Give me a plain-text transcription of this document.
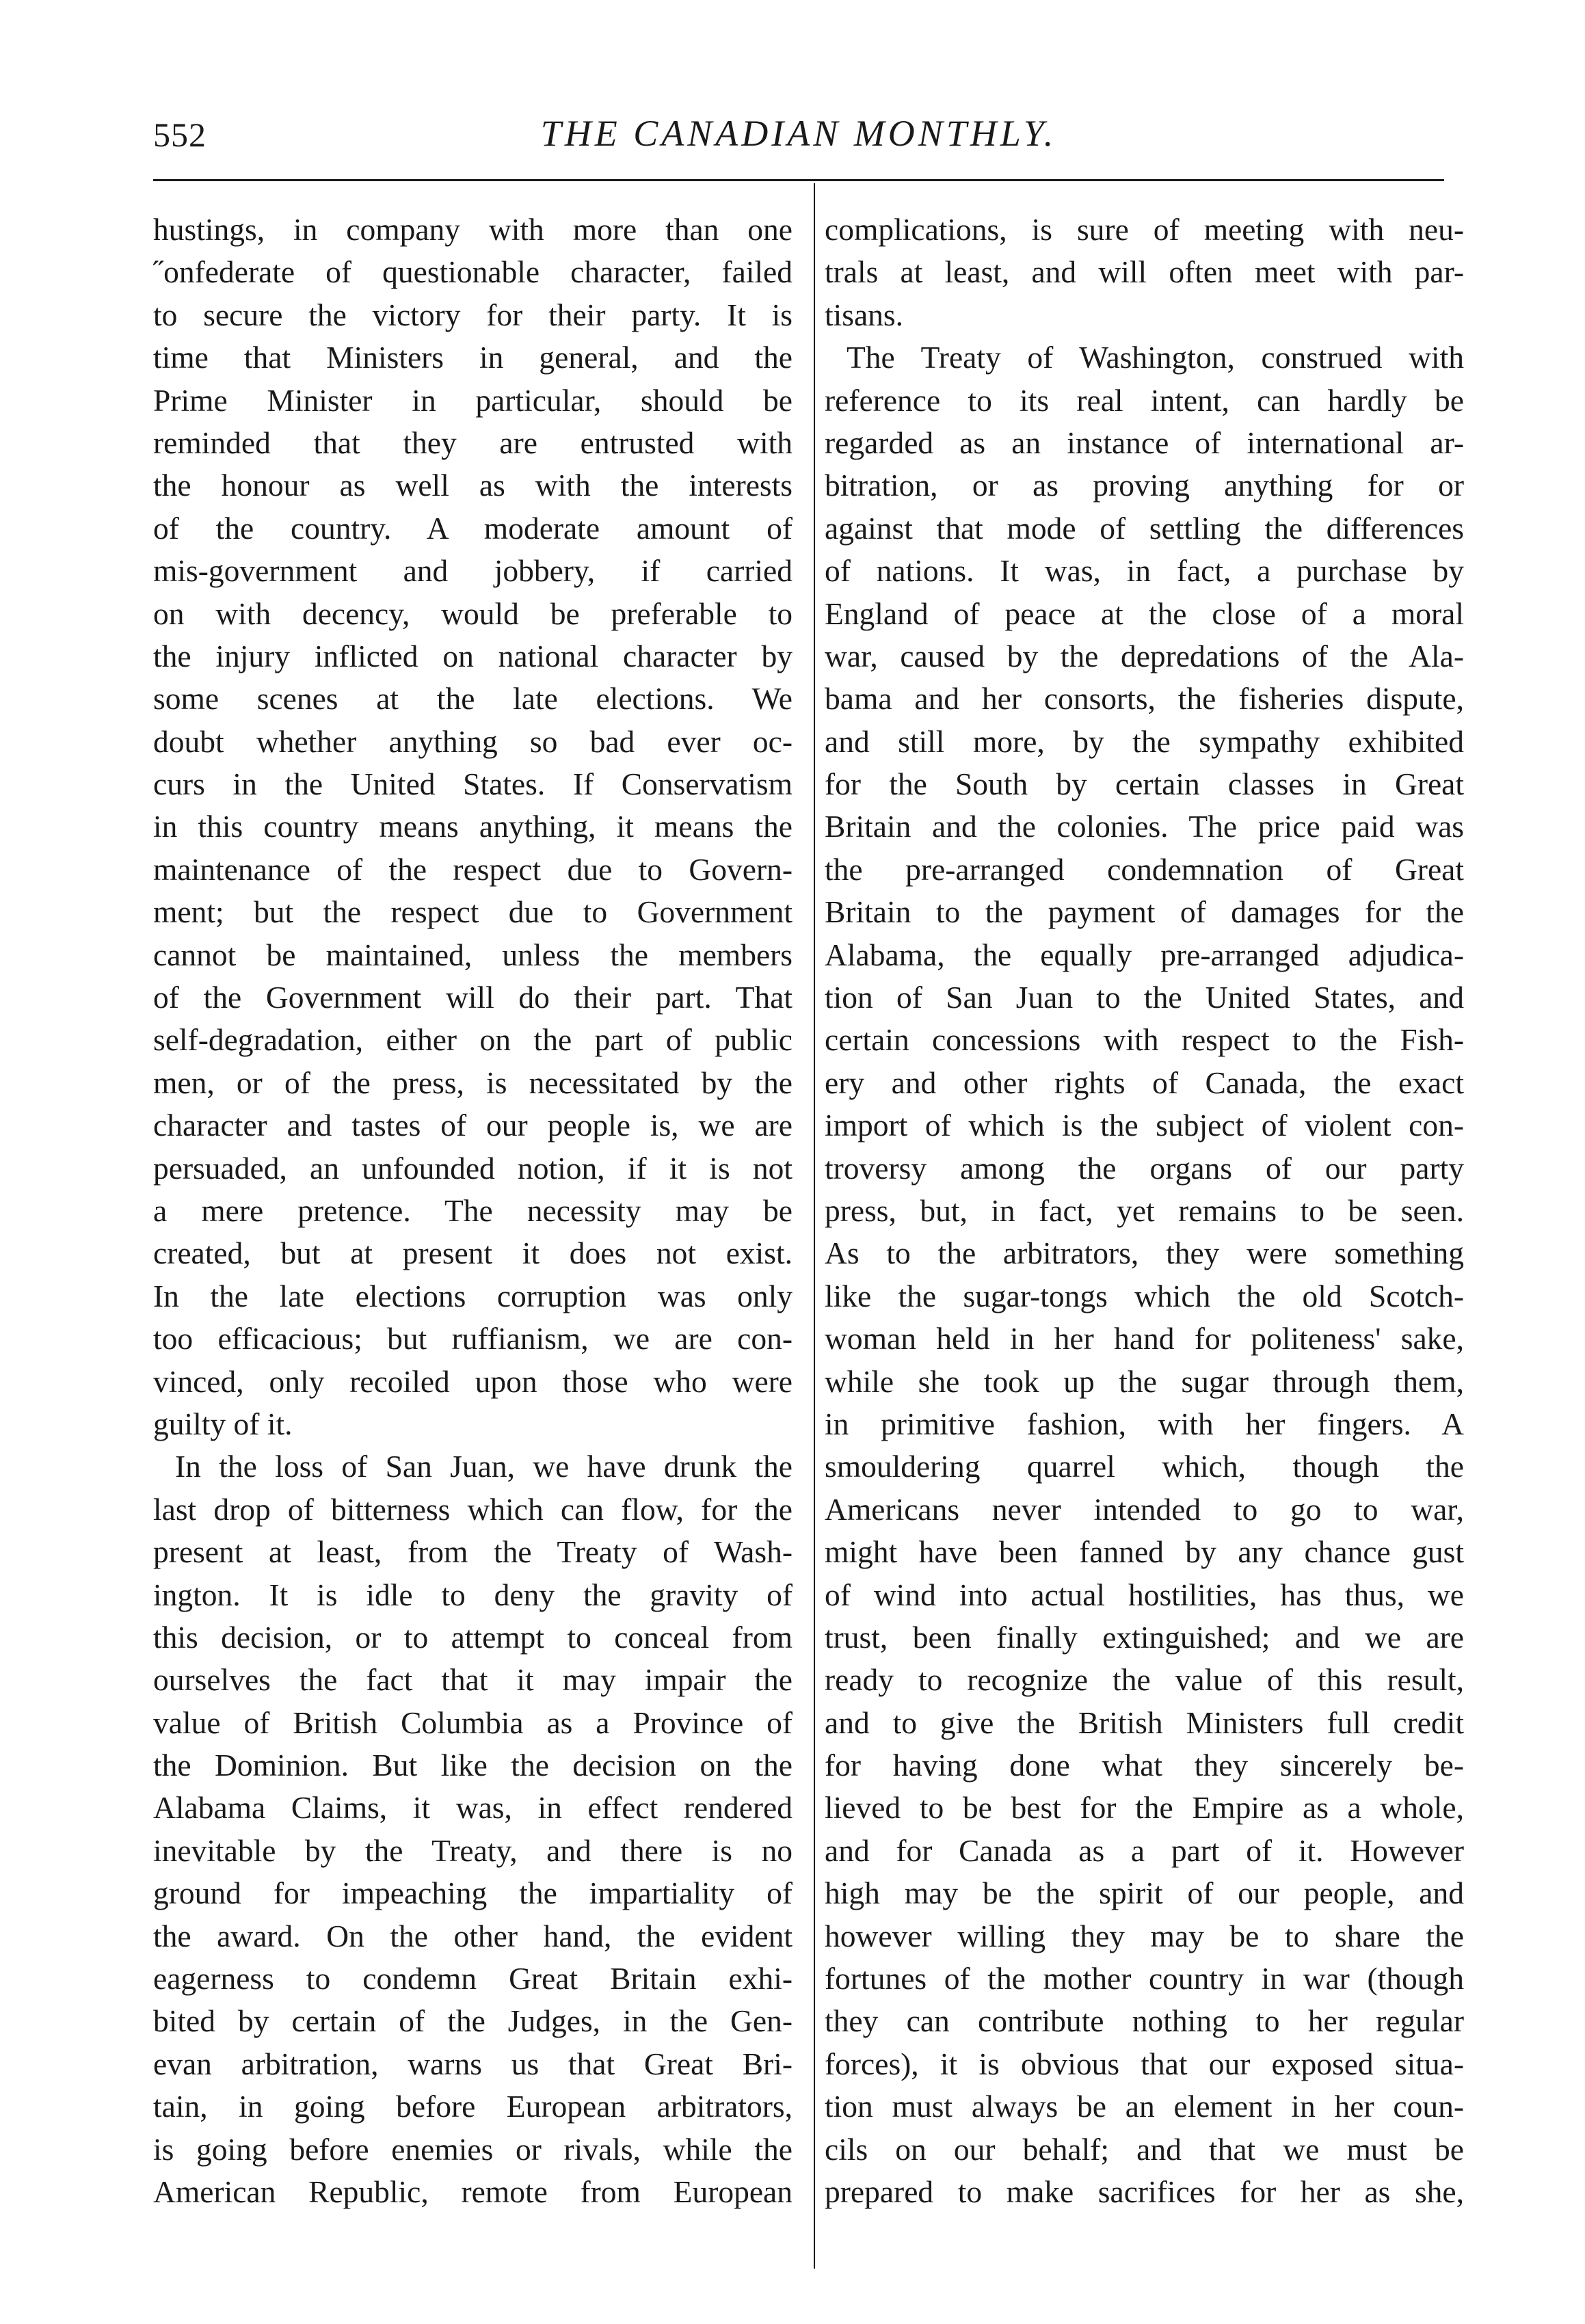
552	THE CANADIAN MONTHLY.
hustings, in company with more than one
˝onfederate of questionable character, failed
to secure the victory for their party. It is
time that Ministers in general, and the
Prime Minister in particular, should be
reminded that they are entrusted with
the honour as well as with the interests
of the country. A moderate amount of
mis-government and jobbery, if carried
on with decency, would be preferable to
the injury inflicted on national character by
some scenes at the late elections. We
doubt whether anything so bad ever oc-
curs in the United States. If Conservatism
in this country means anything, it means the
maintenance of the respect due to Govern-
ment; but the respect due to Government
cannot be maintained, unless the members
of the Government will do their part. That
self-degradation, either on the part of public
men, or of the press, is necessitated by the
character and tastes of our people is, we are
persuaded, an unfounded notion, if it is not
a mere pretence. The necessity may be
created, but at present it does not exist.
In the late elections corruption was only
too efficacious; but ruffianism, we are con-
vinced, only recoiled upon those who were
guilty of it.
In the loss of San Juan, we have drunk the
last drop of bitterness which can flow, for the
present at least, from the Treaty of Wash-
ington. It is idle to deny the gravity of
this decision, or to attempt to conceal from
ourselves the fact that it may impair the
value of British Columbia as a Province of
the Dominion. But like the decision on the
Alabama Claims, it was, in effect rendered
inevitable by the Treaty, and there is no
ground for impeaching the impartiality of
the award. On the other hand, the evident
eagerness to condemn Great Britain exhi-
bited by certain of the Judges, in the Gen-
evan arbitration, warns us that Great Bri-
tain, in going before European arbitrators,
is going before enemies or rivals, while the
American Republic, remote from European
complications, is sure of meeting with neu-
trals at least, and will often meet with par-
tisans.
The Treaty of Washington, construed with
reference to its real intent, can hardly be
regarded as an instance of international ar-
bitration, or as proving anything for or
against that mode of settling the differences
of nations. It was, in fact, a purchase by
England of peace at the close of a moral
war, caused by the depredations of the Ala-
bama and her consorts, the fisheries dispute,
and still more, by the sympathy exhibited
for the South by certain classes in Great
Britain and the colonies. The price paid was
the pre-arranged condemnation of Great
Britain to the payment of damages for the
Alabama, the equally pre-arranged adjudica-
tion of San Juan to the United States, and
certain concessions with respect to the Fish-
ery and other rights of Canada, the exact
import of which is the subject of violent con-
troversy among the organs of our party
press, but, in fact, yet remains to be seen.
As to the arbitrators, they were something
like the sugar-tongs which the old Scotch-
woman held in her hand for politeness' sake,
while she took up the sugar through them,
in primitive fashion, with her fingers. A
smouldering quarrel which, though the
Americans never intended to go to war,
might have been fanned by any chance gust
of wind into actual hostilities, has thus, we
trust, been finally extinguished; and we are
ready to recognize the value of this result,
and to give the British Ministers full credit
for having done what they sincerely be-
lieved to be best for the Empire as a whole,
and for Canada as a part of it. However
high may be the spirit of our people, and
however willing they may be to share the
fortunes of the mother country in war (though
they can contribute nothing to her regular
forces), it is obvious that our exposed situa-
tion must always be an element in her coun-
cils on our behalf; and that we must be
prepared to make sacrifices for her as she,
